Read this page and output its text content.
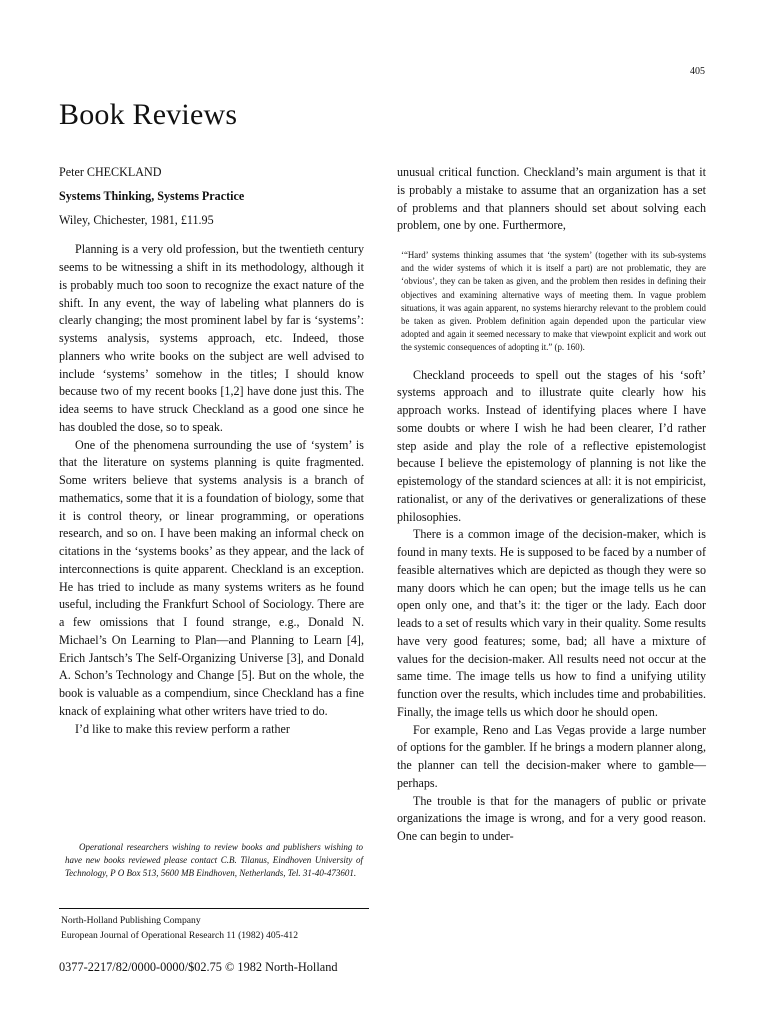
405
Book Reviews

Peter CHECKLAND

Systems Thinking, Systems Practice

Wiley, Chichester, 1981, £11.95

Planning is a very old profession, but the twentieth century seems to be witnessing a shift in its methodology, although it is probably much too soon to recognize the exact nature of the shift. In any event, the way of labeling what planners do is clearly changing; the most prominent label by far is ‘systems’: systems analysis, systems approach, etc. Indeed, those planners who write books on the subject are well advised to include ‘systems’ somehow in the titles; I should know because two of my recent books [1,2] have done just this. The idea seems to have struck Checkland as a good one since he has doubled the dose, so to speak.

One of the phenomena surrounding the use of ‘system’ is that the literature on systems planning is quite fragmented. Some writers believe that systems analysis is a branch of mathematics, some that it is a foundation of biology, some that it is control theory, or linear programming, or operations research, and so on. I have been making an informal check on citations in the ‘systems books’ as they appear, and the lack of interconnections is quite apparent. Checkland is an exception. He has tried to include as many systems writers as he found useful, including the Frankfurt School of Sociology. There are a few omissions that I found strange, e.g., Donald N. Michael’s On Learning to Plan—and Planning to Learn [4], Erich Jantsch’s The Self-Organizing Universe [3], and Donald A. Schon’s Technology and Change [5]. But on the whole, the book is valuable as a compendium, since Checkland has a fine knack of explaining what other writers have tried to do.

I’d like to make this review perform a rather

unusual critical function. Checkland’s main argument is that it is probably a mistake to assume that an organization has a set of problems and that planners should set about solving each problem, one by one. Furthermore,

‘“Hard’ systems thinking assumes that ‘the system’ (together with its sub-systems and the wider systems of which it is itself a part) are not problematic, they are ‘obvious’, they can be taken as given, and the problem then resides in defining their objectives and examining alternative ways of meeting them. In vague problem situations, it was again apparent, no systems hierarchy relevant to the problem could be taken as given. Problem definition again depended upon the particular view adopted and again it seemed necessary to make that viewpoint explicit and work out the systemic consequences of adopting it.” (p. 160).

Checkland proceeds to spell out the stages of his ‘soft’ systems approach and to illustrate quite clearly how his approach works. Instead of identifying places where I have some doubts or where I wish he had been clearer, I’d rather step aside and play the role of a reflective epistemologist because I believe the epistemology of planning is not like the epistemology of the standard sciences at all: it is not empiricist, rationalist, or any of the derivatives or generalizations of these philosophies.

There is a common image of the decision-maker, which is found in many texts. He is supposed to be faced by a number of feasible alternatives which are depicted as though they were so many doors which he can open; but the image tells us he can open only one, and that’s it: the tiger or the lady. Each door leads to a set of results which vary in their quality. Some results have very good features; some, bad; all have a mixture of values for the decision-maker. All results need not occur at the same time. The image tells us how to find a unifying utility function over the results, which includes time and probabilities. Finally, the image tells us which door he should open.

For example, Reno and Las Vegas provide a large number of options for the gambler. If he brings a modern planner along, the planner can tell the decision-maker where to gamble—perhaps.

The trouble is that for the managers of public or private organizations the image is wrong, and for a very good reason. One can begin to under-

Operational researchers wishing to review books and publishers wishing to have new books reviewed please contact C.B. Tilanus, Eindhoven University of Technology, P O Box 513, 5600 MB Eindhoven, Netherlands, Tel. 31-40-473601.

North-Holland Publishing Company
European Journal of Operational Research 11 (1982) 405-412
0377-2217/82/0000-0000/$02.75 © 1982 North-Holland
